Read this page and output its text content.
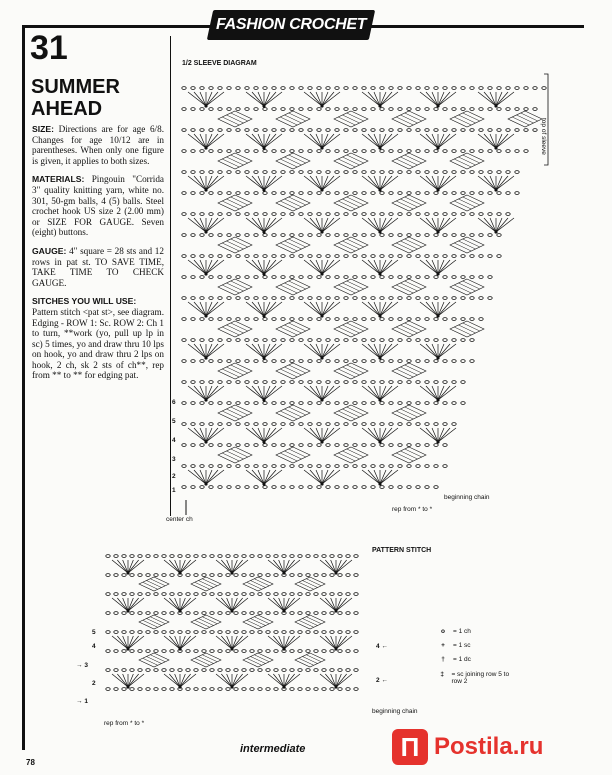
FASHION CROCHET
31
SUMMER
AHEAD

SIZE: Directions are for age 6/8. Changes for age 10/12 are in parentheses. When only one figure is given, it applies to both sizes.

MATERIALS: Pingouin "Corrida 3" quality knitting yarn, white no. 301, 50-gm balls, 4 (5) balls. Steel crochet hook US size 2 (2.00 mm) or SIZE FOR GAUGE. Seven (eight) buttons.

GAUGE: 4" square = 28 sts and 12 rows in pat st. TO SAVE TIME, TAKE TIME TO CHECK GAUGE.

SITCHES YOU WILL USE:
Pattern stitch <pat st>, see diagram. Edging - ROW 1: Sc. ROW 2: Ch 1 to turn, **work (yo, pull up lp in sc) 5 times, yo and draw thru 10 lps on hook, yo and draw thru 2 lps on hook, 2 ch, sk 2 sts of ch**, rep from ** to ** for edging pat.

1/2 SLEEVE DIAGRAM
top of sleeve
center ch
rep from * to *
beginning chain
6
5
4
3
2
1
PATTERN STITCH
5
4
→ 3
2
→ 1
4 ←
2 ←
rep from * to *
beginning chain
o	= 1 ch
+	= 1 sc
†	= 1 dc
‡	= sc joining row 5 to row 2
78
intermediate	П Postila.ru
